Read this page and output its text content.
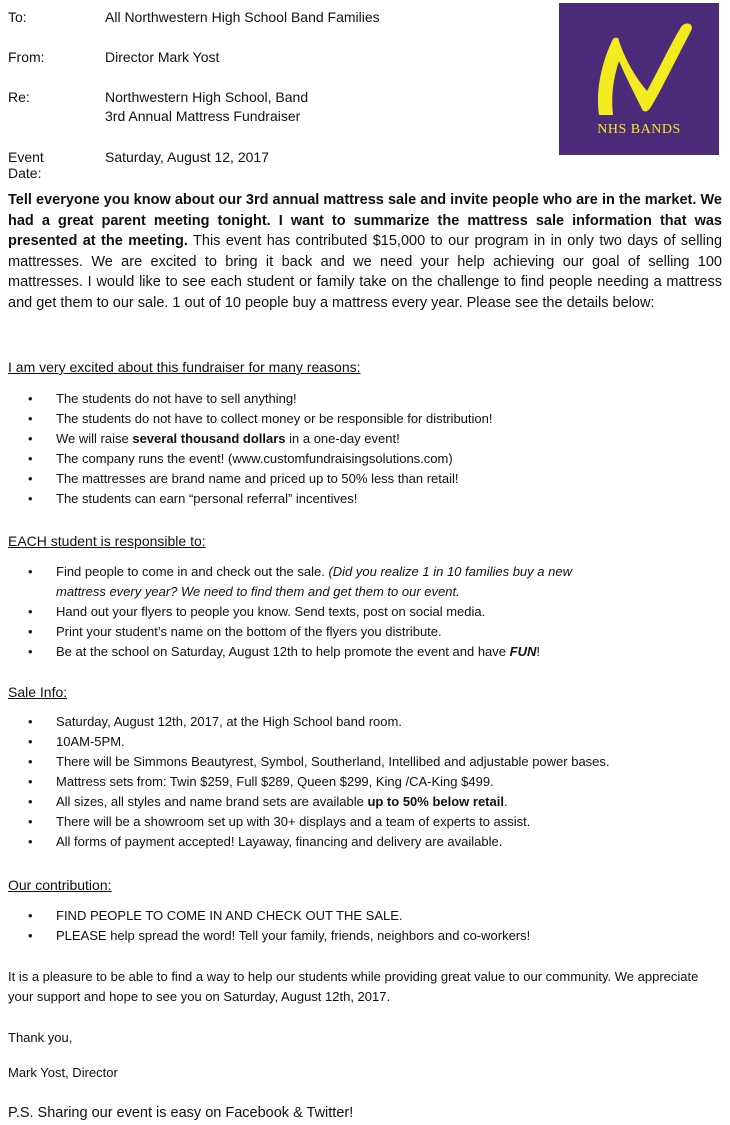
To:	All Northwestern High School Band Families
From:	Director Mark Yost
Re:	Northwestern High School, Band
3rd Annual Mattress Fundraiser
Event Date:
Saturday, August 12, 2017
NHS BANDS

Tell everyone you know about our 3rd annual mattress sale and invite people who are in the market. We had a great parent meeting tonight. I want to summarize the mattress sale information that was presented at the meeting. This event has contributed $15,000 to our program in in only two days of selling mattresses. We are excited to bring it back and we need your help achieving our goal of selling 100 mattresses. I would like to see each student or family take on the challenge to find people needing a mattress and get them to our sale. 1 out of 10 people buy a mattress every year. Please see the details below:

I am very excited about this fundraiser for many reasons:
• The students do not have to sell anything!
• The students do not have to collect money or be responsible for distribution!
• We will raise several thousand dollars in a one-day event!
• The company runs the event! (www.customfundraisingsolutions.com)
• The mattresses are brand name and priced up to 50% less than retail!
• The students can earn “personal referral” incentives!
EACH student is responsible to:
• Find people to come in and check out the sale. (Did you realize 1 in 10 families buy a new
mattress every year? We need to find them and get them to our event.
• Hand out your flyers to people you know. Send texts, post on social media.
• Print your student’s name on the bottom of the flyers you distribute.
• Be at the school on Saturday, August 12th to help promote the event and have FUN!
Sale Info:
• Saturday, August 12th, 2017, at the High School band room.
• 10AM-5PM.
• There will be Simmons Beautyrest, Symbol, Southerland, Intellibed and adjustable power bases.
• Mattress sets from: Twin $259, Full $289, Queen $299, King /CA-King $499.
• All sizes, all styles and name brand sets are available up to 50% below retail.
• There will be a showroom set up with 30+ displays and a team of experts to assist.
• All forms of payment accepted! Layaway, financing and delivery are available.
Our contribution:
• FIND PEOPLE TO COME IN AND CHECK OUT THE SALE.
• PLEASE help spread the word! Tell your family, friends, neighbors and co-workers!

It is a pleasure to be able to find a way to help our students while providing great value to our community. We appreciate your support and hope to see you on Saturday, August 12th, 2017.

Thank you,

Mark Yost, Director

P.S. Sharing our event is easy on Facebook & Twitter!
